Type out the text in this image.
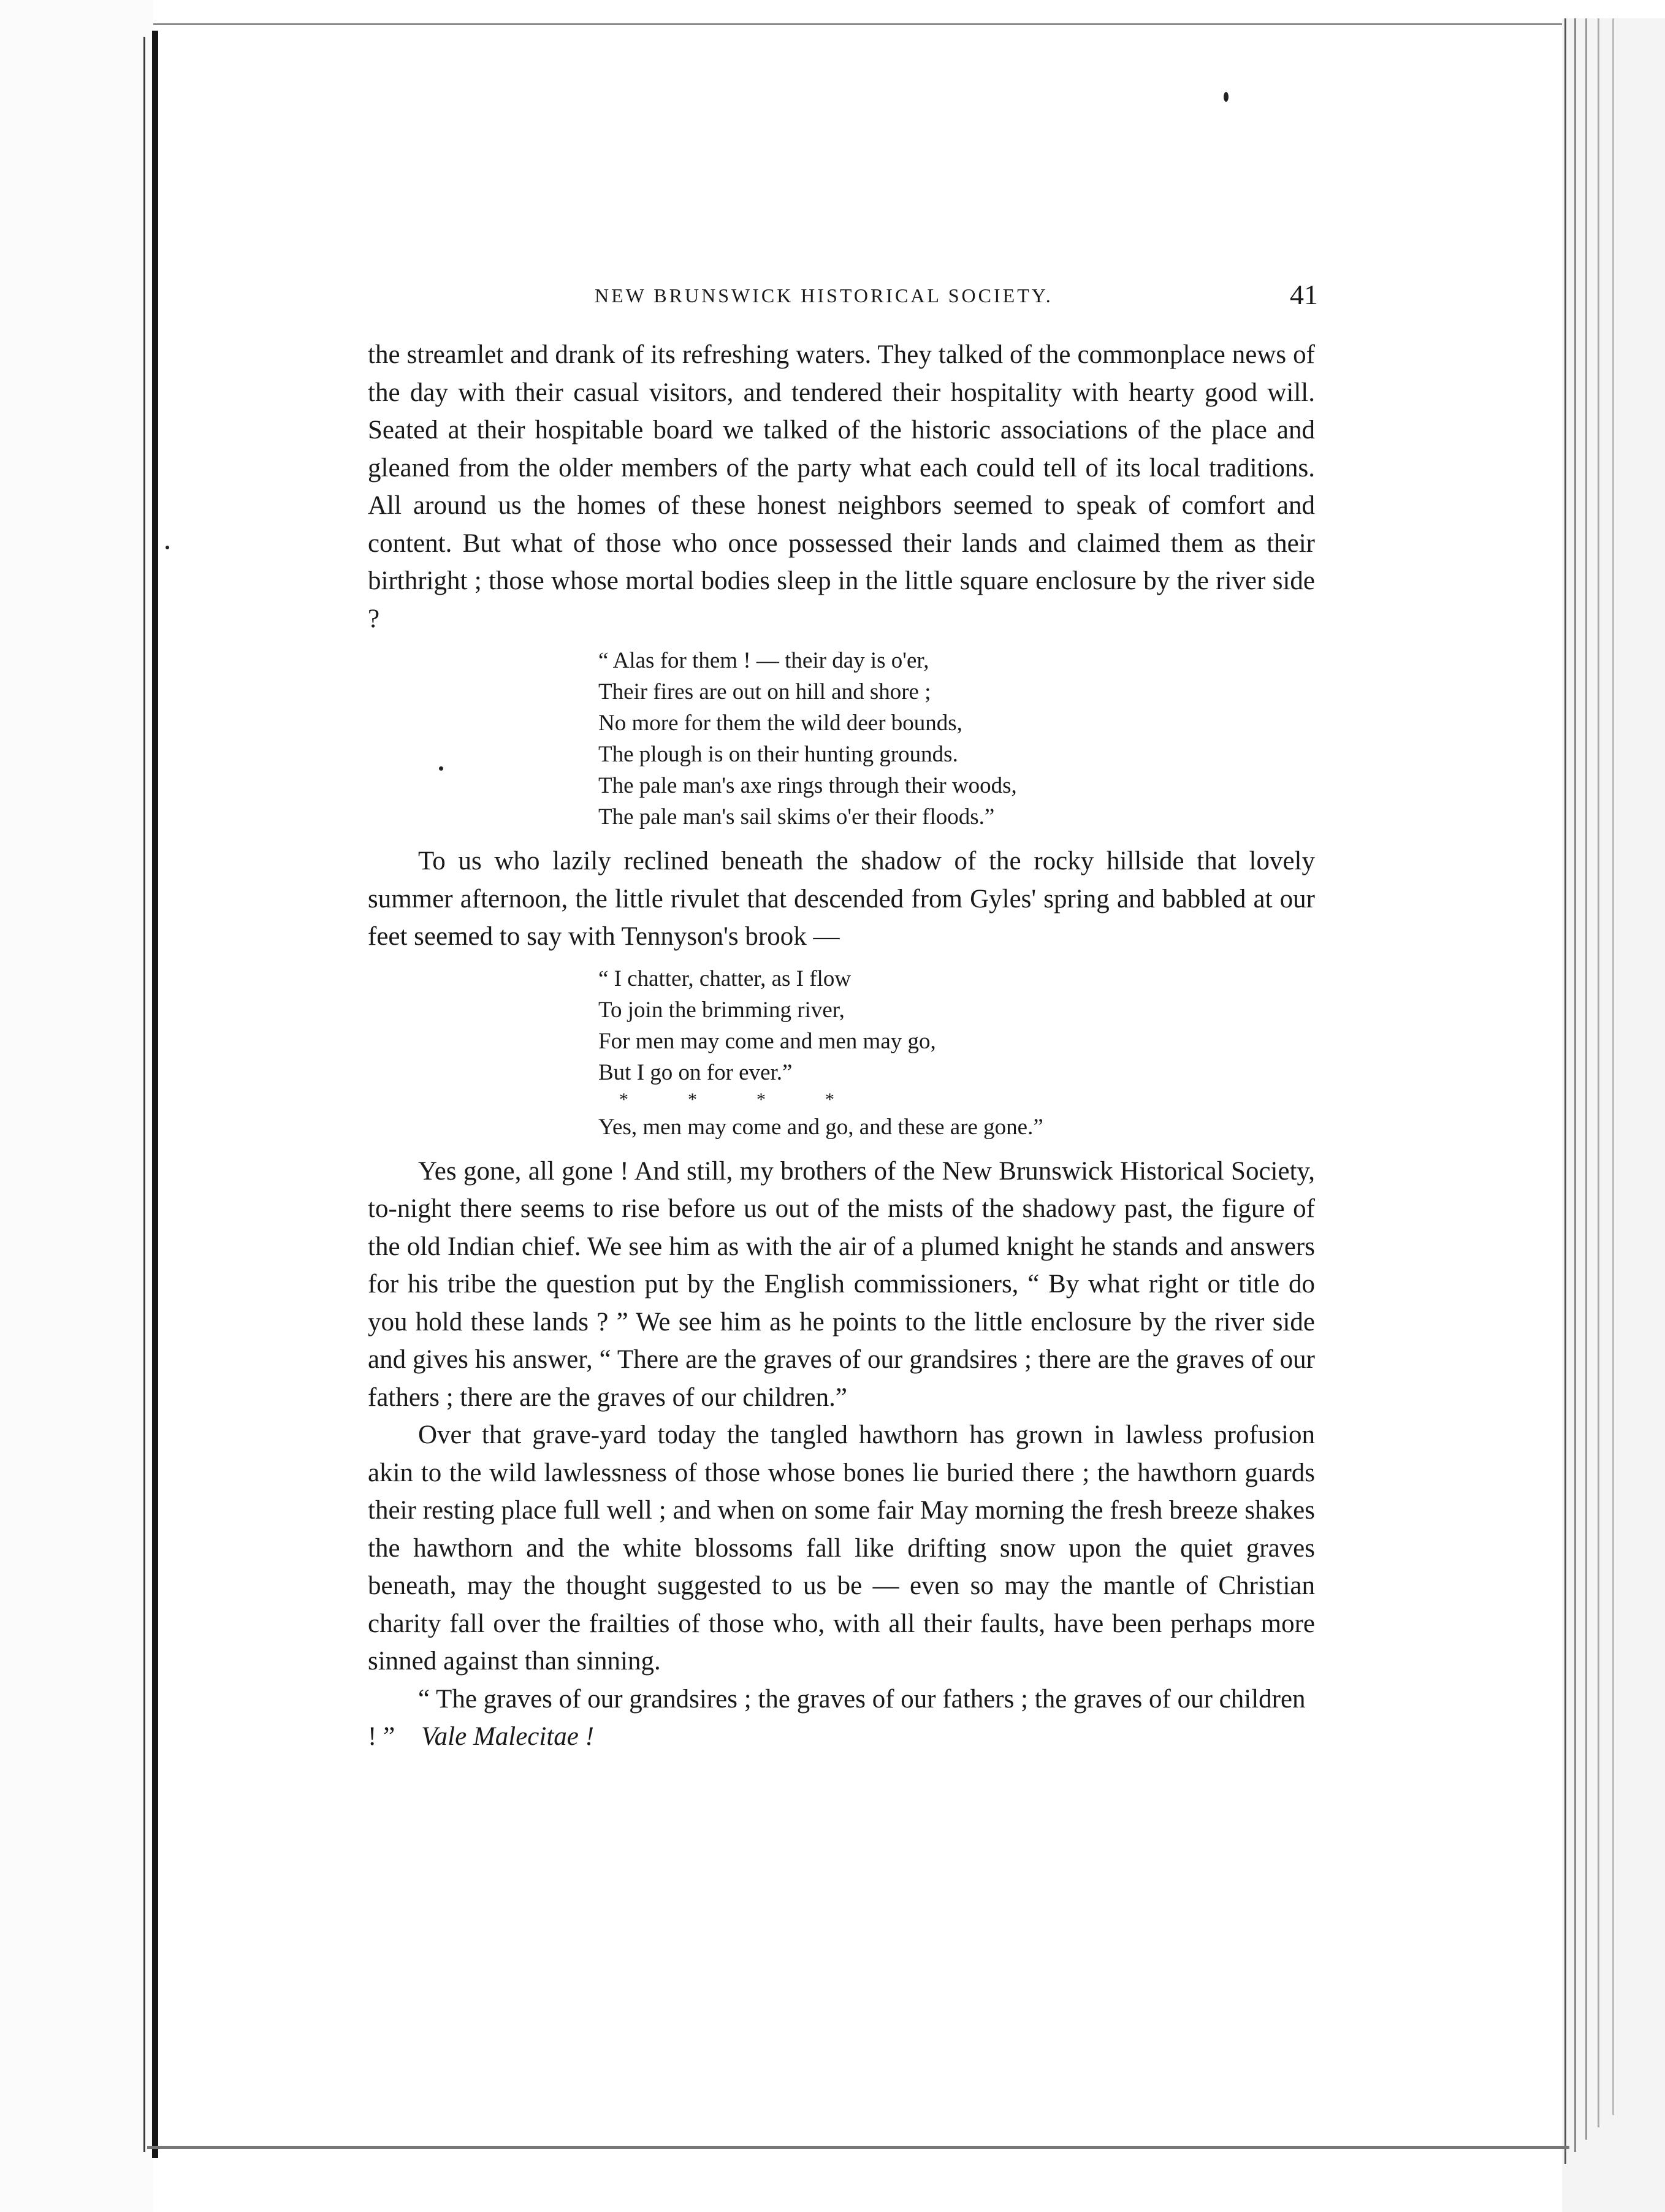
NEW BRUNSWICK HISTORICAL SOCIETY.	41

the streamlet and drank of its refreshing waters. They talked of the commonplace news of the day with their casual visitors, and tendered their hospitality with hearty good will. Seated at their hospitable board we talked of the historic associations of the place and gleaned from the older members of the party what each could tell of its local traditions. All around us the homes of these honest neighbors seemed to speak of comfort and content. But what of those who once possessed their lands and claimed them as their birthright ; those whose mortal bodies sleep in the little square enclosure by the river side ?

“ Alas for them ! — their day is o'er,
Their fires are out on hill and shore ;
No more for them the wild deer bounds,
The plough is on their hunting grounds.
The pale man's axe rings through their woods,
The pale man's sail skims o'er their floods.”

To us who lazily reclined beneath the shadow of the rocky hillside that lovely summer afternoon, the little rivulet that descended from Gyles' spring and babbled at our feet seemed to say with Tennyson's brook —

“ I chatter, chatter, as I flow
To join the brimming river,
For men may come and men may go,
But I go on for ever.”

*          *          *          *

Yes, men may come and go, and these are gone.”

Yes gone, all gone ! And still, my brothers of the New Brunswick Historical Society, to-night there seems to rise before us out of the mists of the shadowy past, the figure of the old Indian chief. We see him as with the air of a plumed knight he stands and answers for his tribe the question put by the English commissioners, “ By what right or title do you hold these lands ? ” We see him as he points to the little enclosure by the river side and gives his answer, “ There are the graves of our grandsires ; there are the graves of our fathers ; there are the graves of our children.”

Over that grave-yard today the tangled hawthorn has grown in lawless profusion akin to the wild lawlessness of those whose bones lie buried there ; the hawthorn guards their resting place full well ; and when on some fair May morning the fresh breeze shakes the hawthorn and the white blossoms fall like drifting snow upon the quiet graves beneath, may the thought suggested to us be — even so may the mantle of Christian charity fall over the frailties of those who, with all their faults, have been perhaps more sinned against than sinning.

“ The graves of our grandsires ; the graves of our fathers ; the graves of our children ! ” Vale Malecitae !
